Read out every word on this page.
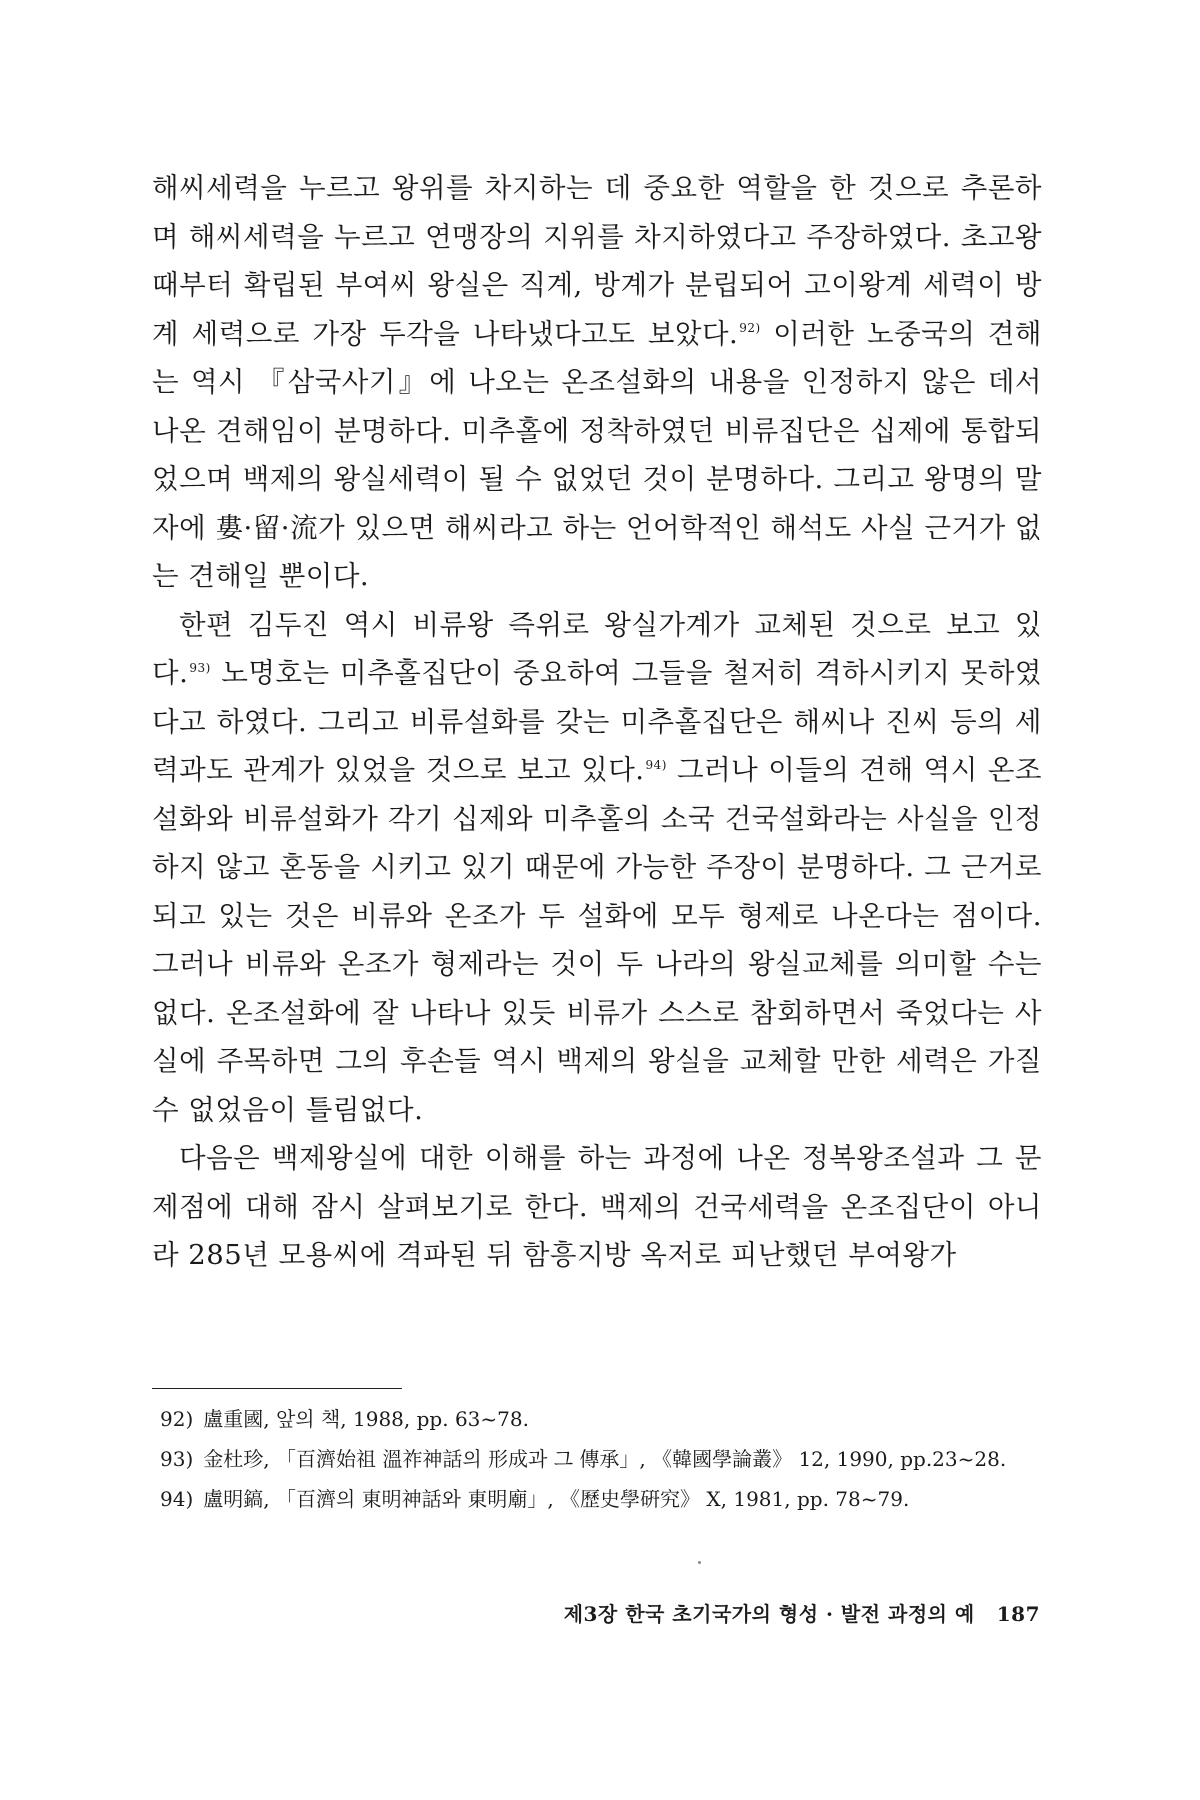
해씨세력을 누르고 왕위를 차지하는 데 중요한 역할을 한 것으로 추론하며 해씨세력을 누르고 연맹장의 지위를 차지하였다고 주장하였다. 초고왕 때부터 확립된 부여씨 왕실은 직계, 방계가 분립되어 고이왕계 세력이 방계 세력으로 가장 두각을 나타냈다고도 보았다.$^{92)}$ 이러한 노중국의 견해는 역시 『삼국사기』에 나오는 온조설화의 내용을 인정하지 않은 데서 나온 견해임이 분명하다. 미추홀에 정착하였던 비류집단은 십제에 통합되었으며 백제의 왕실세력이 될 수 없었던 것이 분명하다. 그리고 왕명의 말자에 婁·留·流가 있으면 해씨라고 하는 언어학적인 해석도 사실 근거가 없는 견해일 뿐이다.

한편 김두진 역시 비류왕 즉위로 왕실가계가 교체된 것으로 보고 있다.$^{93)}$ 노명호는 미추홀집단이 중요하여 그들을 철저히 격하시키지 못하였다고 하였다. 그리고 비류설화를 갖는 미추홀집단은 해씨나 진씨 등의 세력과도 관계가 있었을 것으로 보고 있다.$^{94)}$ 그러나 이들의 견해 역시 온조설화와 비류설화가 각기 십제와 미추홀의 소국 건국설화라는 사실을 인정하지 않고 혼동을 시키고 있기 때문에 가능한 주장이 분명하다. 그 근거로 되고 있는 것은 비류와 온조가 두 설화에 모두 형제로 나온다는 점이다. 그러나 비류와 온조가 형제라는 것이 두 나라의 왕실교체를 의미할 수는 없다. 온조설화에 잘 나타나 있듯 비류가 스스로 참회하면서 죽었다는 사실에 주목하면 그의 후손들 역시 백제의 왕실을 교체할 만한 세력은 가질 수 없었음이 틀림없다.

다음은 백제왕실에 대한 이해를 하는 과정에 나온 정복왕조설과 그 문제점에 대해 잠시 살펴보기로 한다. 백제의 건국세력을 온조집단이 아니라 285년 모용씨에 격파된 뒤 함흥지방 옥저로 피난했던 부여왕가

92) 盧重國, 앞의 책, 1988, pp. 63~78.
93) 金杜珍, 「百濟始祖 溫祚神話의 形成과 그 傳承」, 《韓國學論叢》 12, 1990, pp.23~28.
94) 盧明鎬, 「百濟의 東明神話와 東明廟」, 《歷史學硏究》 X, 1981, pp. 78~79.
제3장 한국 초기국가의 형성 · 발전 과정의 예 187
